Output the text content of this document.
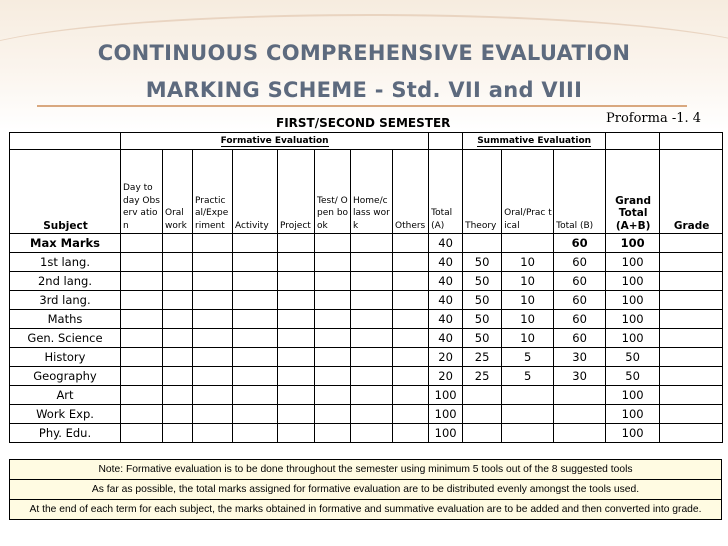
CONTINUOUS COMPREHENSIVE EVALUATION
MARKING SCHEME - Std. VII and VIII
Proforma -1. 4
FIRST/SECOND SEMESTER
	Formative Evaluation									Summative Evaluation				
Subject	Day to day Observ ation	Oral work	Practic al/Expe riment	Activity	Project	Test/ Open book	Home/c lass work	Others	Total (A)	Theory	Oral/Prac tical	Total (B)	Grand Total (A+B)	Grade
Max Marks									40			60	100	
1st lang.									40	50	10	60	100	
2nd lang.									40	50	10	60	100	
3rd lang.									40	50	10	60	100	
Maths									40	50	10	60	100	
Gen. Science									40	50	10	60	100	
History									20	25	5	30	50	
Geography									20	25	5	30	50	
Art									100				100	
Work Exp.									100				100	
Phy. Edu.									100				100	
Note: Formative evaluation is to be done throughout the semester using minimum 5 tools out of the 8 suggested tools
As far as possible, the total marks assigned for formative evaluation are to be distributed evenly amongst the tools used.
At the end of each term for each subject, the marks obtained in formative and summative evaluation are to be added and then converted into grade.
